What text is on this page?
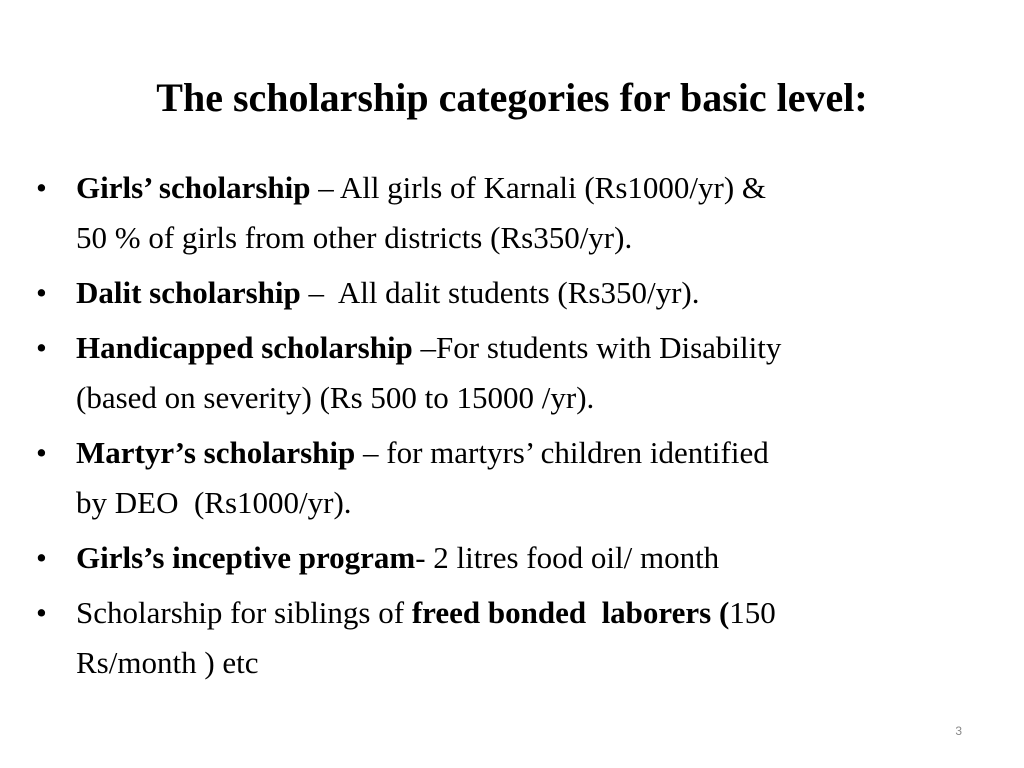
The scholarship categories for basic level:
• Girls’ scholarship – All girls of Karnali (Rs1000/yr) &
50 % of girls from other districts (Rs350/yr).
• Dalit scholarship –  All dalit students (Rs350/yr).
• Handicapped scholarship –For students with Disability
(based on severity) (Rs 500 to 15000 /yr).
• Martyr’s scholarship – for martyrs’ children identified
by DEO  (Rs1000/yr).
• Girls’s inceptive program- 2 litres food oil/ month
• Scholarship for siblings of freed bonded  laborers (150
Rs/month ) etc
3
